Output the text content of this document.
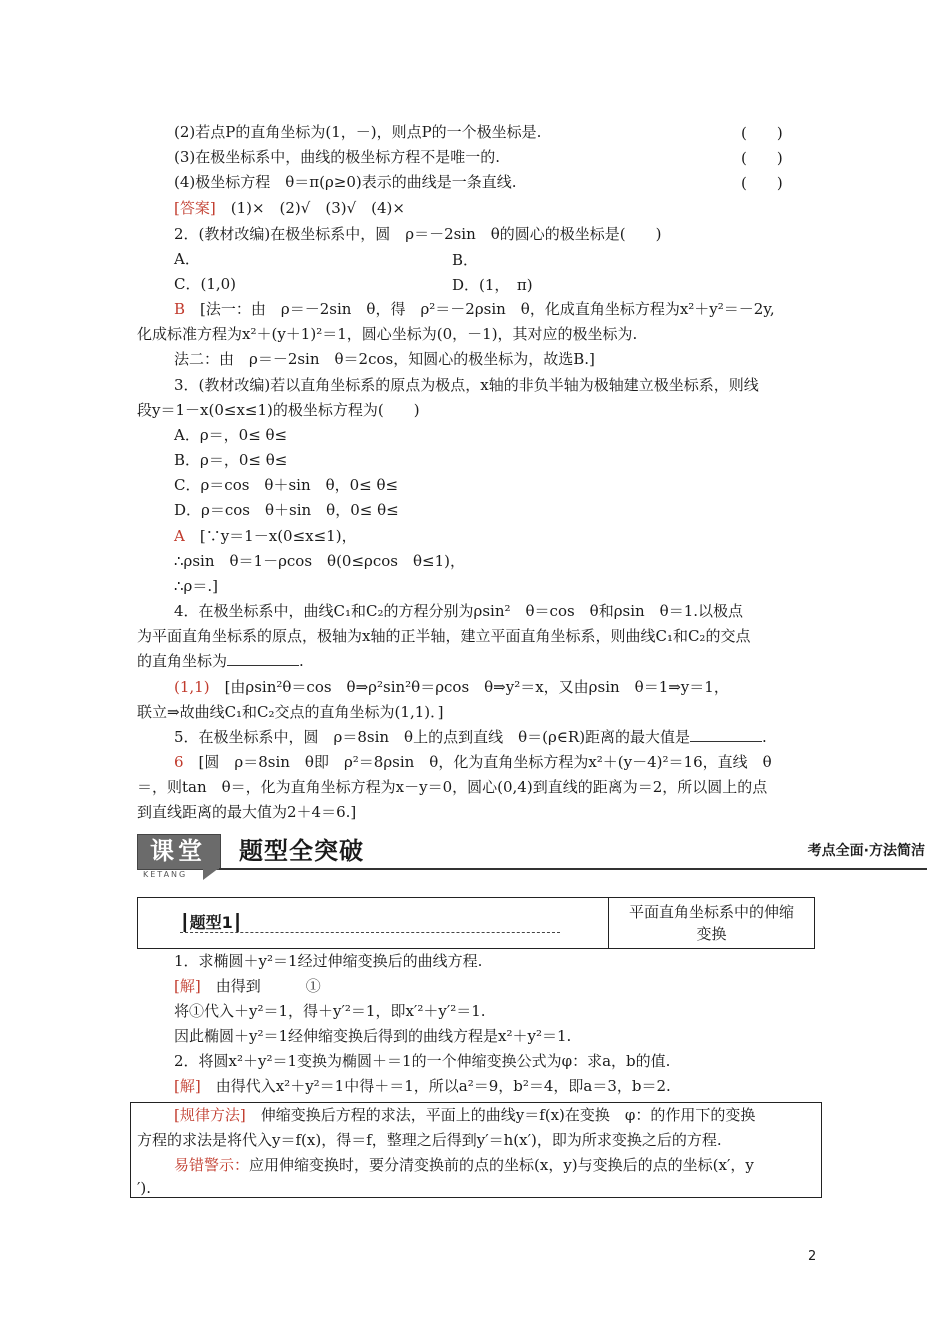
(2)若点P的直角坐标为(1，－)，则点P的一个极坐标是.	(　　)
(3)在极坐标系中，曲线的极坐标方程不是唯一的.	(　　)
(4)极坐标方程　θ＝π(ρ≥0)表示的曲线是一条直线.	(　　)
[答案]　(1)×　(2)√　(3)√　(4)×
2．(教材改编)在极坐标系中，圆　ρ＝－2sin　θ的圆心的极坐标是(　　)
A．	B．
C．(1,0)	D．(1，　π)
B　 [法一：由　ρ＝－2sin　θ，得　ρ²＝－2ρsin　θ，化成直角坐标方程为x²＋y²＝－2y,
化成标准方程为x²＋(y＋1)²＝1，圆心坐标为(0，－1)，其对应的极坐标为.
法二：由　ρ＝－2sin　θ＝2cos，知圆心的极坐标为，故选B.]
3．(教材改编)若以直角坐标系的原点为极点，x轴的非负半轴为极轴建立极坐标系，则线
段y＝1－x(0≤x≤1)的极坐标方程为(　　)
A．ρ＝，0≤ θ≤
B．ρ＝，0≤ θ≤
C．ρ＝cos　θ＋sin　θ，0≤ θ≤
D．ρ＝cos　θ＋sin　θ，0≤ θ≤
A　 [∵y＝1－x(0≤x≤1)，
∴ρsin　θ＝1－ρcos　θ(0≤ρcos　θ≤1)，
∴ρ＝.]
4．在极坐标系中，曲线C₁和C₂的方程分别为ρsin²　θ＝cos　θ和ρsin　θ＝1.以极点
为平面直角坐标系的原点，极轴为x轴的正半轴，建立平面直角坐标系，则曲线C₁和C₂的交点
的直角坐标为	.
(1,1)　[由ρsin²θ＝cos　θ⇒ρ²sin²θ＝ρcos　θ⇒y²＝x，又由ρsin　θ＝1⇒y＝1，
联立⇒故曲线C₁和C₂交点的直角坐标为(1,1)．]
5．在极坐标系中，圆　ρ＝8sin　θ上的点到直线　θ＝(ρ∈R)距离的最大值是	.
6　[圆　ρ＝8sin　θ即　ρ²＝8ρsin　θ，化为直角坐标方程为x²＋(y－4)²＝16，直线　θ
＝，则tan　θ＝，化为直角坐标方程为x－y＝0，圆心(0,4)到直线的距离为＝2，所以圆上的点
到直线距离的最大值为2＋4＝6.]
课堂
KETANG
题型全突破	考点全面·方法简洁
┃题型1┃
平面直角坐标系中的伸缩
变换
1．求椭圆＋y²＝1经过伸缩变换后的曲线方程.
[解]　由得到　　　①
将①代入＋y²＝1，得＋y′²＝1，即x′²＋y′²＝1.
因此椭圆＋y²＝1经伸缩变换后得到的曲线方程是x²＋y²＝1.
2．将圆x²＋y²＝1变换为椭圆＋＝1的一个伸缩变换公式为φ：求a，b的值.
[解]　由得代入x²＋y²＝1中得＋＝1，所以a²＝9，b²＝4，即a＝3，b＝2.
[规律方法]　伸缩变换后方程的求法，平面上的曲线y＝f(x)在变换　φ：的作用下的变换
方程的求法是将代入y＝f(x)，得＝f，整理之后得到y′＝h(x′)，即为所求变换之后的方程.
易错警示：应用伸缩变换时，要分清变换前的点的坐标(x，y)与变换后的点的坐标(x′，y
′).
2
